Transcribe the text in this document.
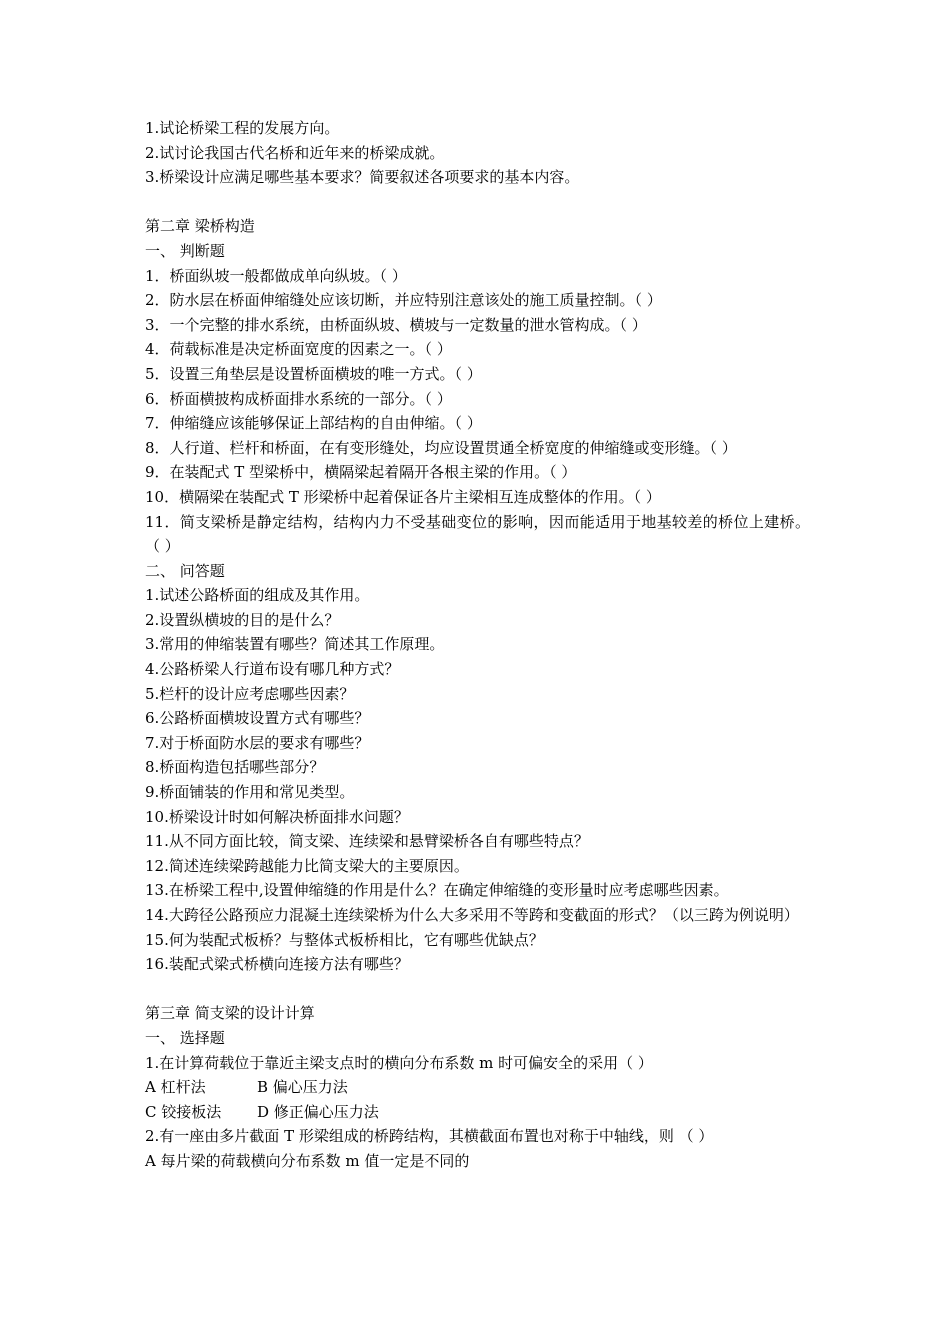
1.试论桥梁工程的发展方向。
2.试讨论我国古代名桥和近年来的桥梁成就。
3.桥梁设计应满足哪些基本要求？简要叙述各项要求的基本内容。
第二章 梁桥构造
一、 判断题
1．桥面纵坡一般都做成单向纵坡。（ ）
2．防水层在桥面伸缩缝处应该切断，并应特别注意该处的施工质量控制。（ ）
3．一个完整的排水系统，由桥面纵坡、横坡与一定数量的泄水管构成。（ ）
4．荷载标准是决定桥面宽度的因素之一。（ ）
5．设置三角垫层是设置桥面横坡的唯一方式。（ ）
6．桥面横披构成桥面排水系统的一部分。（ ）
7．伸缩缝应该能够保证上部结构的自由伸缩。（ ）
8．人行道、栏杆和桥面，在有变形缝处，均应设置贯通全桥宽度的伸缩缝或变形缝。（ ）
9．在装配式 T 型梁桥中，横隔梁起着隔开各根主梁的作用。（ ）
10．横隔梁在装配式 T 形梁桥中起着保证各片主梁相互连成整体的作用。（ ）
11．简支梁桥是静定结构，结构内力不受基础变位的影响，因而能适用于地基较差的桥位上建桥。 （ ）
二、 问答题
1.试述公路桥面的组成及其作用。
2.设置纵横坡的目的是什么？
3.常用的伸缩装置有哪些？简述其工作原理。
4.公路桥梁人行道布设有哪几种方式？
5.栏杆的设计应考虑哪些因素？
6.公路桥面横坡设置方式有哪些？
7.对于桥面防水层的要求有哪些？
8.桥面构造包括哪些部分？
9.桥面铺装的作用和常见类型。
10.桥梁设计时如何解决桥面排水问题？
11.从不同方面比较，简支梁、连续梁和悬臂梁桥各自有哪些特点？
12.简述连续梁跨越能力比简支梁大的主要原因。
13.在桥梁工程中,设置伸缩缝的作用是什么？在确定伸缩缝的变形量时应考虑哪些因素。
14.大跨径公路预应力混凝土连续梁桥为什么大多采用不等跨和变截面的形式？（以三跨为例说明）
15.何为装配式板桥？与整体式板桥相比，它有哪些优缺点？
16.装配式梁式桥横向连接方法有哪些？
第三章 简支梁的设计计算
一、 选择题
1.在计算荷载位于靠近主梁支点时的横向分布系数 m 时可偏安全的采用（ ）
A 杠杆法	B 偏心压力法
C 铰接板法	D 修正偏心压力法
2.有一座由多片截面 T 形梁组成的桥跨结构，其横截面布置也对称于中轴线，则 （ ）
A 每片梁的荷载横向分布系数 m 值一定是不同的
